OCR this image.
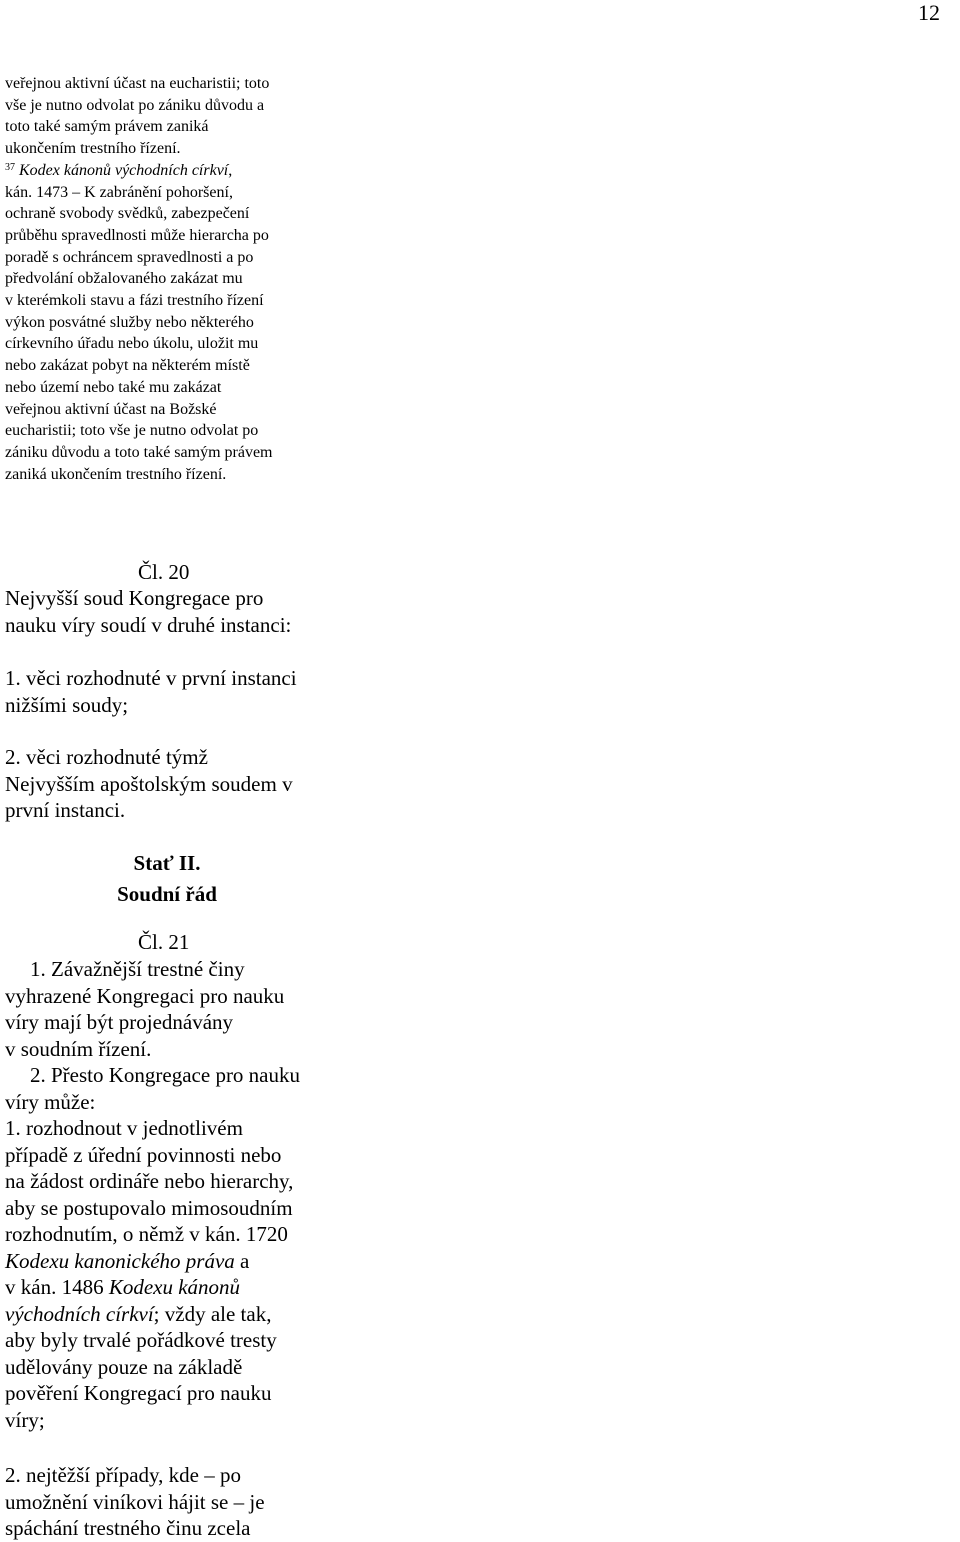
12
veřejnou aktivní účast na eucharistii; toto
vše je nutno odvolat po zániku důvodu a
toto také samým právem zaniká
ukončením trestního řízení.
$^{37}$ Kodex kánonů východních církví,
kán. 1473 – K zabránění pohoršení,
ochraně svobody svědků, zabezpečení
průběhu spravedlnosti může hierarcha po
poradě s ochráncem spravedlnosti a po
předvolání obžalovaného zakázat mu
v kterémkoli stavu a fázi trestního řízení
výkon posvátné služby nebo některého
církevního úřadu nebo úkolu, uložit mu
nebo zakázat pobyt na některém místě
nebo území nebo také mu zakázat
veřejnou aktivní účast na Božské
eucharistii; toto vše je nutno odvolat po
zániku důvodu a toto také samým právem
zaniká ukončením trestního řízení.
Čl. 20
Nejvyšší soud Kongregace pro
nauku víry soudí v druhé instanci:
1. věci rozhodnuté v první instanci
nižšími soudy;
2. věci rozhodnuté týmž
Nejvyšším apoštolským soudem v
první instanci.
Stať II.
Soudní řád
Čl. 21
1. Závažnější trestné činy
vyhrazené Kongregaci pro nauku
víry mají být projednávány
v soudním řízení.
2. Přesto Kongregace pro nauku
víry může:
1. rozhodnout v jednotlivém
případě z úřední povinnosti nebo
na žádost ordináře nebo hierarchy,
aby se postupovalo mimosoudním
rozhodnutím, o němž v kán. 1720
Kodexu kanonického práva a
v kán. 1486 Kodexu kánonů
východních církví; vždy ale tak,
aby byly trvalé pořádkové tresty
udělovány pouze na základě
pověření Kongregací pro nauku
víry;
2. nejtěžší případy, kde – po
umožnění viníkovi hájit se – je
spáchání trestného činu zcela
